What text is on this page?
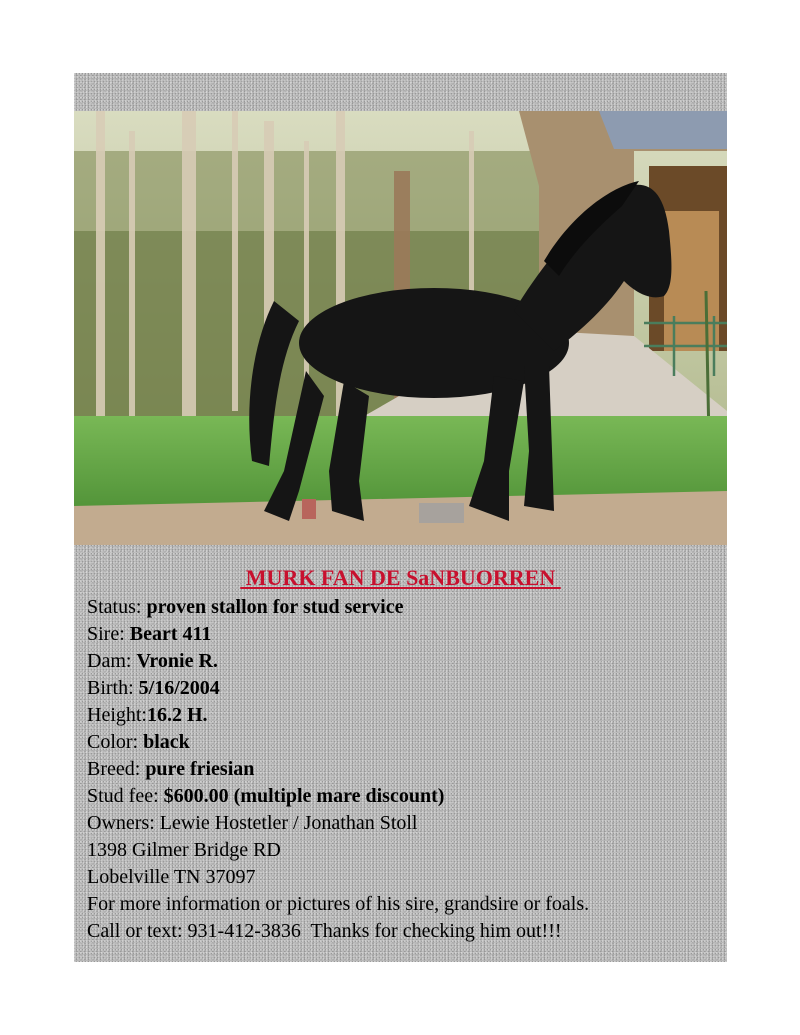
MURK FAN DE SaNBUORREN

Status: proven stallon for stud service
Sire: Beart 411
Dam: Vronie R.
Birth: 5/16/2004
Height:16.2 H.
Color: black
Breed: pure friesian
Stud fee: $600.00 (multiple mare discount)
Owners: Lewie Hostetler / Jonathan Stoll
1398 Gilmer Bridge RD
Lobelville TN 37097
For more information or pictures of his sire, grandsire or foals.
Call or text: 931-412-3836  Thanks for checking him out!!!
